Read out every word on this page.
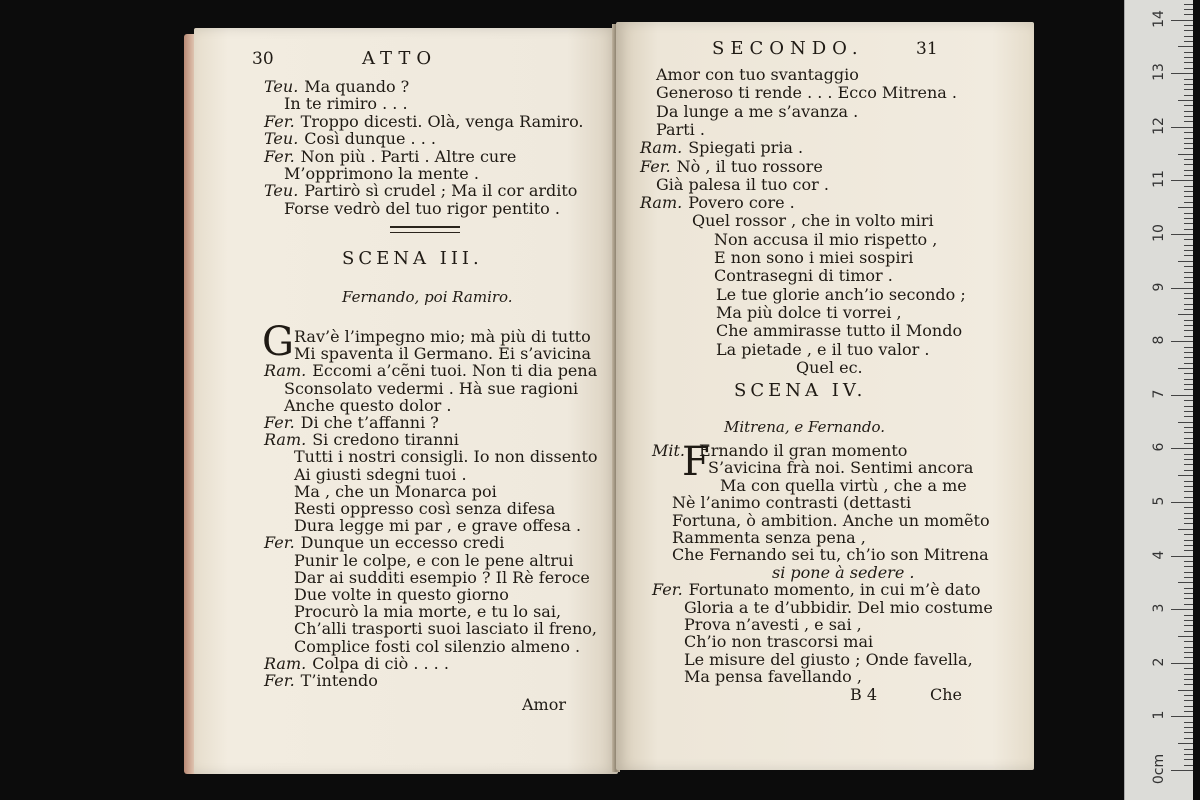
30	ATTO
Teu. Ma quando ?
In te rimiro . . .
Fer. Troppo dicesti. Olà, venga Ramiro.
Teu. Così dunque . . .
Fer. Non più . Parti . Altre cure
M’opprimono la mente .
Teu. Partirò sì crudel ; Ma il cor ardito
Forse vedrò del tuo rigor pentito .
SCENA III.
Fernando, poi Ramiro.
G Rav’è l’impegno mio; mà più di tutto
Mi spaventa il Germano. Ei s’avicina
Ram. Eccomi a’cẽni tuoi. Non ti dia pena
Sconsolato vedermi . Hà sue ragioni
Anche questo dolor .
Fer. Di che t’affanni ?
Ram. Si credono tiranni
Tutti i nostri consigli. Io non dissento
Ai giusti sdegni tuoi .
Ma , che un Monarca poi
Resti oppresso così senza difesa
Dura legge mi par , e grave offesa .
Fer. Dunque un eccesso credi
Punir le colpe, e con le pene altrui
Dar ai sudditi esempio ? Il Rè feroce
Due volte in questo giorno
Procurò la mia morte, e tu lo sai,
Ch’alli trasporti suoi lasciato il freno,
Complice fosti col silenzio almeno .
Ram. Colpa di ciò . . . .
Fer. T’intendo
Amor
SECONDO.	31
Amor con tuo svantaggio
Generoso ti rende . . . Ecco Mitrena .
Da lunge a me s’avanza .
Parti .
Ram. Spiegati pria .
Fer. Nò , il tuo rossore
Già palesa il tuo cor .
Ram. Povero core .
Quel rossor , che in volto miri
Non accusa il mio rispetto ,
E non sono i miei sospiri
Contrasegni di timor .
Le tue glorie anch’io secondo ;
Ma più dolce ti vorrei ,
Che ammirasse tutto il Mondo
La pietade , e il tuo valor .
Quel ec.
SCENA IV.
Mitrena, e Fernando.
F
Mit. Ernando il gran momento
S’avicina frà noi. Sentimi ancora
Ma con quella virtù , che a me
Nè l’animo contrasti (dettasti
Fortuna, ò ambition. Anche un momẽto
Rammenta senza pena ,
Che Fernando sei tu, ch’io son Mitrena
si pone à sedere .
Fer. Fortunato momento, in cui m’è dato
Gloria a te d’ubbidir. Del mio costume
Prova n’avesti , e sai ,
Ch’io non trascorsi mai
Le misure del giusto ; Onde favella,
Ma pensa favellando ,
B 4	Che
14
13
12
11
10
9
8
7
6
5
4
3
2
1
0cm
